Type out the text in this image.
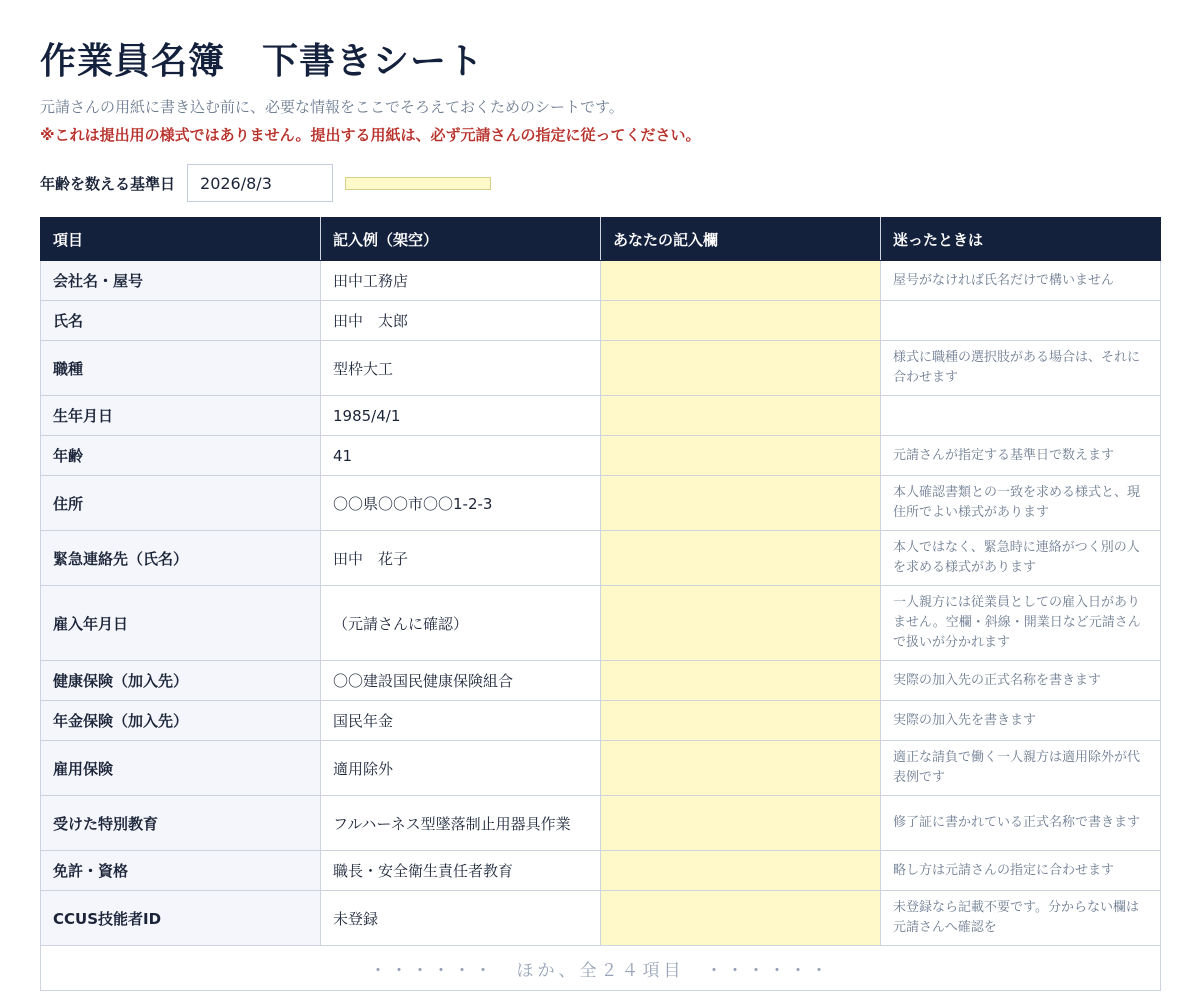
作業員名簿　下書きシート

元請さんの用紙に書き込む前に、必要な情報をここでそろえておくためのシートです。

※これは提出用の様式ではありません。提出する用紙は、必ず元請さんの指定に従ってください。

年齢を数える基準日
2026/8/3
項目	記入例（架空）	あなたの記入欄	迷ったときは
会社名・屋号	田中工務店		屋号がなければ氏名だけで構いません
氏名	田中　太郎		
職種	型枠大工		様式に職種の選択肢がある場合は、それに合わせます
生年月日	1985/4/1		
年齢	41		元請さんが指定する基準日で数えます
住所	〇〇県〇〇市〇〇1-2-3		本人確認書類との一致を求める様式と、現住所でよい様式があります
緊急連絡先（氏名）	田中　花子		本人ではなく、緊急時に連絡がつく別の人を求める様式があります
雇入年月日	（元請さんに確認）		一人親方には従業員としての雇入日がありません。空欄・斜線・開業日など元請さんで扱いが分かれます
健康保険（加入先）	〇〇建設国民健康保険組合		実際の加入先の正式名称を書きます
年金保険（加入先）	国民年金		実際の加入先を書きます
雇用保険	適用除外		適正な請負で働く一人親方は適用除外が代表例です
受けた特別教育	フルハーネス型墜落制止用器具作業		修了証に書かれている正式名称で書きます
免許・資格	職長・安全衛生責任者教育		略し方は元請さんの指定に合わせます
CCUS技能者ID	未登録		未登録なら記載不要です。分からない欄は元請さんへ確認を
・・・・・・　ほか、全２４項目　・・・・・・			
